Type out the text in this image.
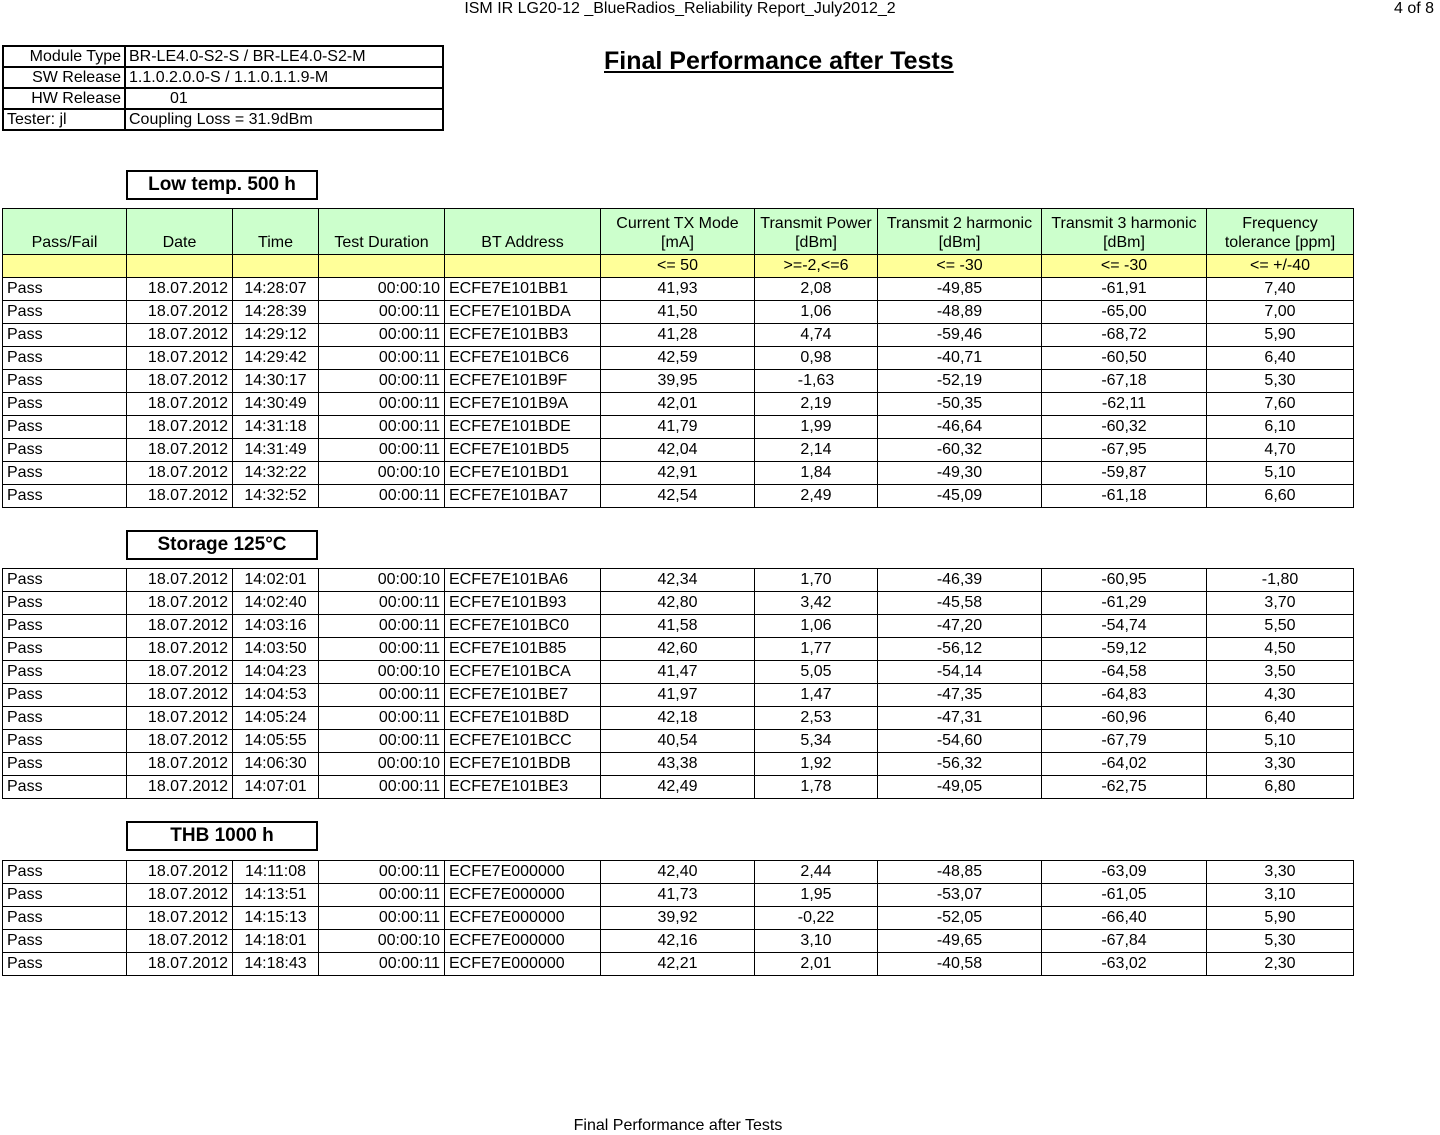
ISM IR LG20-12 _BlueRadios_Reliability Report_July2012_2	4 of 8
Module Type	BR-LE4.0-S2-S / BR-LE4.0-S2-M
SW Release	1.1.0.2.0.0-S / 1.1.0.1.1.9-M
HW Release	01
Tester: jl	Coupling Loss = 31.9dBm
Final Performance after Tests
Low temp. 500 h
Pass/Fail	Date	Time	Test Duration	BT Address	Current TX Mode [mA]	Transmit Power [dBm]	Transmit 2 harmonic [dBm]	Transmit 3 harmonic [dBm]	Frequency tolerance [ppm]
					<= 50	>=-2,<=6	<= -30	<= -30	<= +/-40
Pass	18.07.2012	14:28:07	00:00:10	ECFE7E101BB1	41,93	2,08	-49,85	-61,91	7,40
Pass	18.07.2012	14:28:39	00:00:11	ECFE7E101BDA	41,50	1,06	-48,89	-65,00	7,00
Pass	18.07.2012	14:29:12	00:00:11	ECFE7E101BB3	41,28	4,74	-59,46	-68,72	5,90
Pass	18.07.2012	14:29:42	00:00:11	ECFE7E101BC6	42,59	0,98	-40,71	-60,50	6,40
Pass	18.07.2012	14:30:17	00:00:11	ECFE7E101B9F	39,95	-1,63	-52,19	-67,18	5,30
Pass	18.07.2012	14:30:49	00:00:11	ECFE7E101B9A	42,01	2,19	-50,35	-62,11	7,60
Pass	18.07.2012	14:31:18	00:00:11	ECFE7E101BDE	41,79	1,99	-46,64	-60,32	6,10
Pass	18.07.2012	14:31:49	00:00:11	ECFE7E101BD5	42,04	2,14	-60,32	-67,95	4,70
Pass	18.07.2012	14:32:22	00:00:10	ECFE7E101BD1	42,91	1,84	-49,30	-59,87	5,10
Pass	18.07.2012	14:32:52	00:00:11	ECFE7E101BA7	42,54	2,49	-45,09	-61,18	6,60
Storage 125°C
Pass	18.07.2012	14:02:01	00:00:10	ECFE7E101BA6	42,34	1,70	-46,39	-60,95	-1,80
Pass	18.07.2012	14:02:40	00:00:11	ECFE7E101B93	42,80	3,42	-45,58	-61,29	3,70
Pass	18.07.2012	14:03:16	00:00:11	ECFE7E101BC0	41,58	1,06	-47,20	-54,74	5,50
Pass	18.07.2012	14:03:50	00:00:11	ECFE7E101B85	42,60	1,77	-56,12	-59,12	4,50
Pass	18.07.2012	14:04:23	00:00:10	ECFE7E101BCA	41,47	5,05	-54,14	-64,58	3,50
Pass	18.07.2012	14:04:53	00:00:11	ECFE7E101BE7	41,97	1,47	-47,35	-64,83	4,30
Pass	18.07.2012	14:05:24	00:00:11	ECFE7E101B8D	42,18	2,53	-47,31	-60,96	6,40
Pass	18.07.2012	14:05:55	00:00:11	ECFE7E101BCC	40,54	5,34	-54,60	-67,79	5,10
Pass	18.07.2012	14:06:30	00:00:10	ECFE7E101BDB	43,38	1,92	-56,32	-64,02	3,30
Pass	18.07.2012	14:07:01	00:00:11	ECFE7E101BE3	42,49	1,78	-49,05	-62,75	6,80
THB 1000 h
Pass	18.07.2012	14:11:08	00:00:11	ECFE7E000000	42,40	2,44	-48,85	-63,09	3,30
Pass	18.07.2012	14:13:51	00:00:11	ECFE7E000000	41,73	1,95	-53,07	-61,05	3,10
Pass	18.07.2012	14:15:13	00:00:11	ECFE7E000000	39,92	-0,22	-52,05	-66,40	5,90
Pass	18.07.2012	14:18:01	00:00:10	ECFE7E000000	42,16	3,10	-49,65	-67,84	5,30
Pass	18.07.2012	14:18:43	00:00:11	ECFE7E000000	42,21	2,01	-40,58	-63,02	2,30
Final Performance after Tests
